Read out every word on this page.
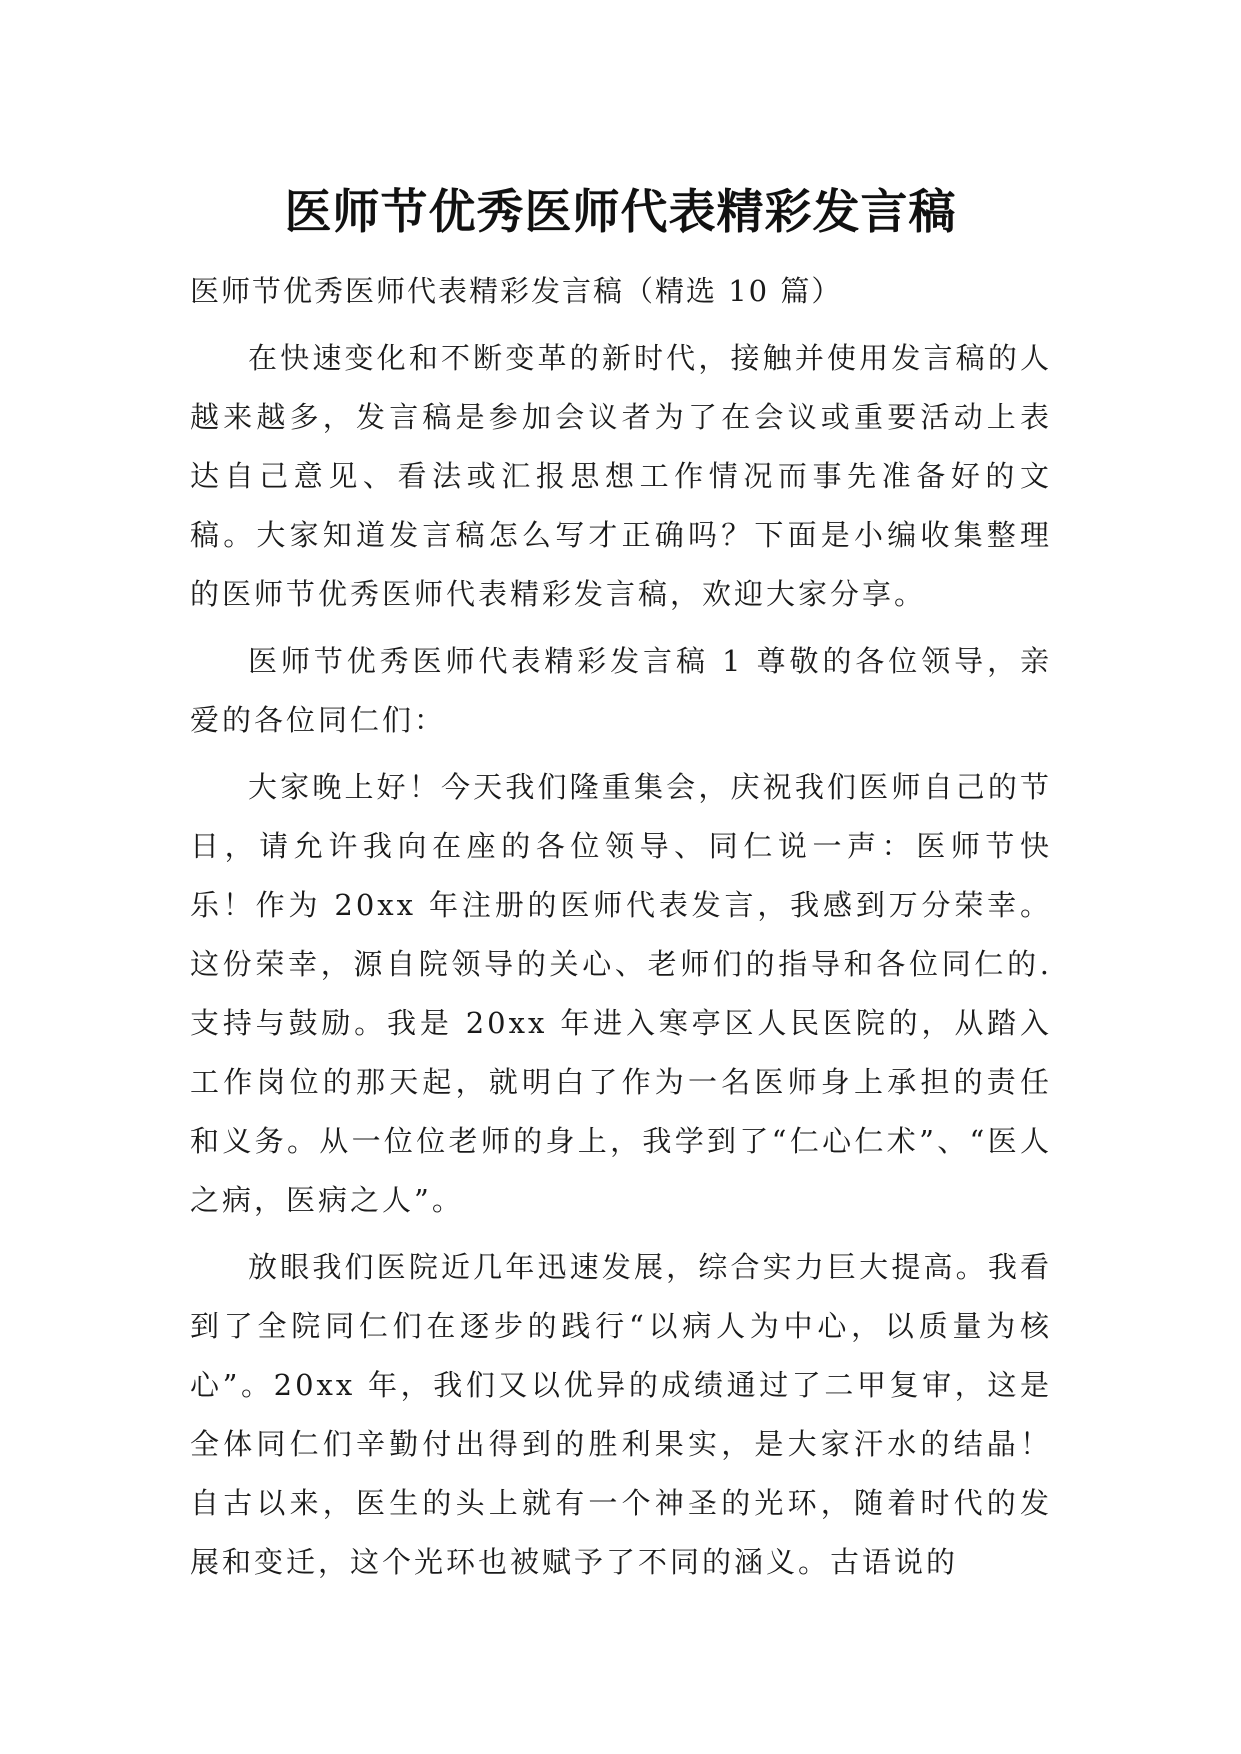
医师节优秀医师代表精彩发言稿

医师节优秀医师代表精彩发言稿（精选 10 篇）

在快速变化和不断变革的新时代，接触并使用发言稿的人越来越多，发言稿是参加会议者为了在会议或重要活动上表达自己意见、看法或汇报思想工作情况而事先准备好的文稿。大家知道发言稿怎么写才正确吗？下面是小编收集整理的医师节优秀医师代表精彩发言稿，欢迎大家分享。

医师节优秀医师代表精彩发言稿 1 尊敬的各位领导，亲爱的各位同仁们：

大家晚上好！今天我们隆重集会，庆祝我们医师自己的节日，请允许我向在座的各位领导、同仁说一声：医师节快乐！作为 20xx 年注册的医师代表发言，我感到万分荣幸。这份荣幸，源自院领导的关心、老师们的指导和各位同仁的.支持与鼓励。我是 20xx 年进入寒亭区人民医院的，从踏入工作岗位的那天起，就明白了作为一名医师身上承担的责任和义务。从一位位老师的身上，我学到了“仁心仁术”、“医人之病，医病之人”。

放眼我们医院近几年迅速发展，综合实力巨大提高。我看到了全院同仁们在逐步的践行“以病人为中心，以质量为核心”。20xx 年，我们又以优异的成绩通过了二甲复审，这是全体同仁们辛勤付出得到的胜利果实，是大家汗水的结晶！自古以来，医生的头上就有一个神圣的光环，随着时代的发展和变迁，这个光环也被赋予了不同的涵义。古语说的
